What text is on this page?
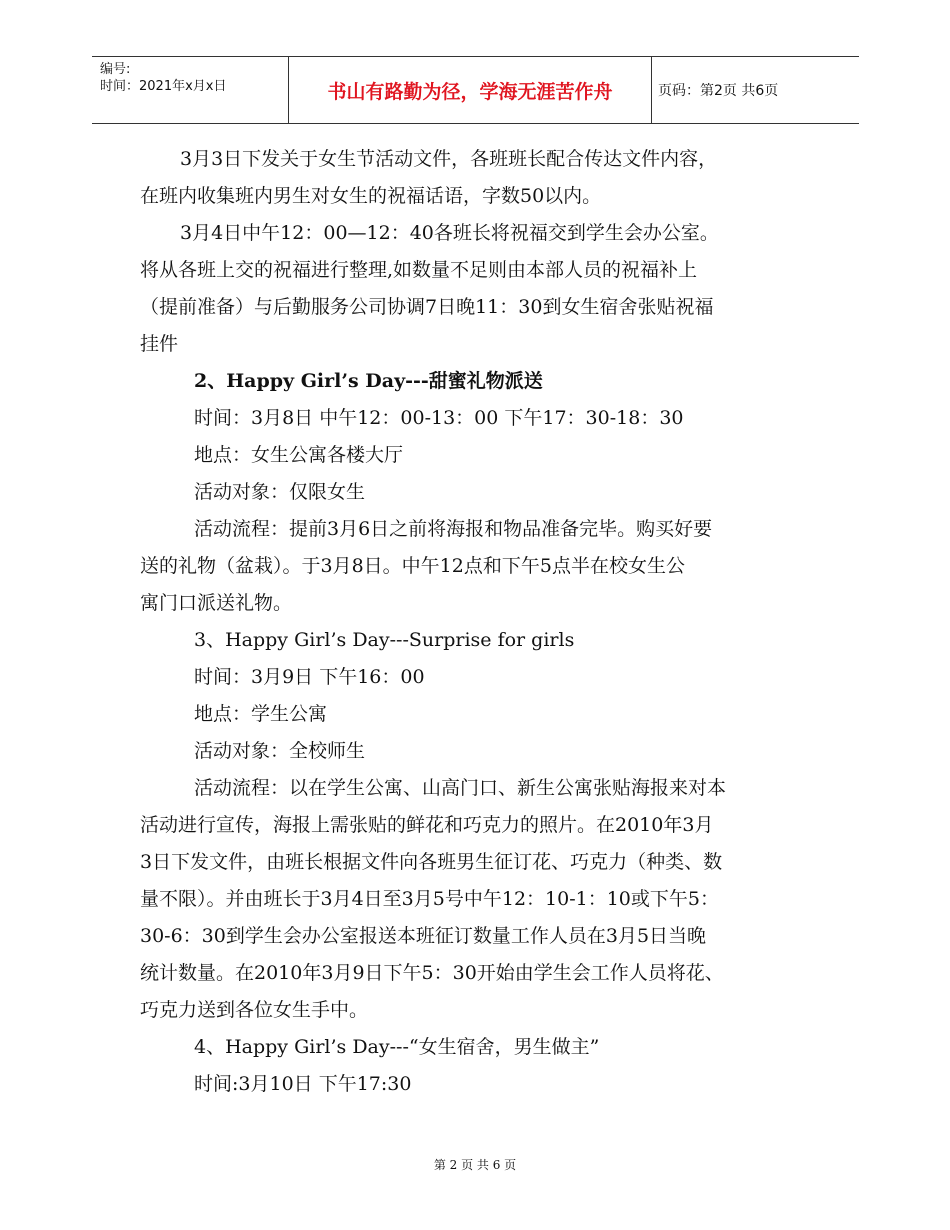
编号:
时间：2021年x月x日	书山有路勤为径，学海无涯苦作舟	页码：第2页 共6页
3月3日下发关于女生节活动文件，各班班长配合传达文件内容，
在班内收集班内男生对女生的祝福话语，字数50以内。
3月4日中午12：00—12：40各班长将祝福交到学生会办公室。
将从各班上交的祝福进行整理,如数量不足则由本部人员的祝福补上
（提前准备）与后勤服务公司协调7日晚11：30到女生宿舍张贴祝福
挂件
2、Happy Girl’s Day---甜蜜礼物派送
时间：3月8日 中午12：00-13：00 下午17：30-18：30
地点：女生公寓各楼大厅
活动对象：仅限女生
活动流程：提前3月6日之前将海报和物品准备完毕。购买好要
送的礼物（盆栽）。于3月8日。中午12点和下午5点半在校女生公
寓门口派送礼物。
3、Happy Girl’s Day---Surprise for girls
时间：3月9日 下午16：00
地点：学生公寓
活动对象：全校师生
活动流程：以在学生公寓、山高门口、新生公寓张贴海报来对本
活动进行宣传，海报上需张贴的鲜花和巧克力的照片。在2010年3月
3日下发文件，由班长根据文件向各班男生征订花、巧克力（种类、数
量不限）。并由班长于3月4日至3月5号中午12：10-1：10或下午5：
30-6：30到学生会办公室报送本班征订数量工作人员在3月5日当晚
统计数量。在2010年3月9日下午5：30开始由学生会工作人员将花、
巧克力送到各位女生手中。
4、Happy Girl’s Day---“女生宿舍，男生做主”
时间:3月10日 下午17:30
第 2 页 共 6 页
